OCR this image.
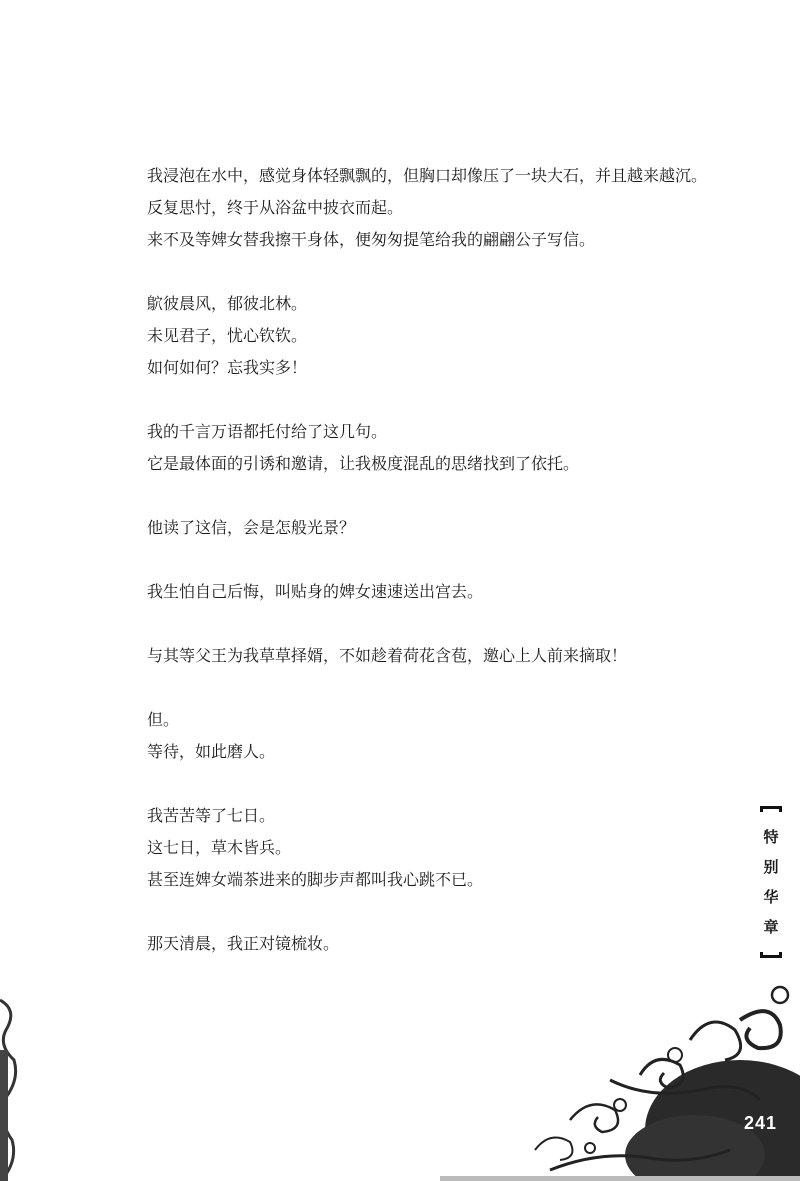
我浸泡在水中，感觉身体轻飘飘的，但胸口却像压了一块大石，并且越来越沉。

反复思忖，终于从浴盆中披衣而起。

来不及等婢女替我擦干身体，便匆匆提笔给我的翩翩公子写信。

鴥彼晨风，郁彼北林。

未见君子，忧心钦钦。

如何如何？忘我实多！

我的千言万语都托付给了这几句。

它是最体面的引诱和邀请，让我极度混乱的思绪找到了依托。

他读了这信，会是怎般光景？

我生怕自己后悔，叫贴身的婢女速速送出宫去。

与其等父王为我草草择婿，不如趁着荷花含苞，邀心上人前来摘取！

但。

等待，如此磨人。

我苦苦等了七日。

这七日，草木皆兵。

甚至连婢女端茶进来的脚步声都叫我心跳不已。

那天清晨，我正对镜梳妆。

特
别
华
章
241
